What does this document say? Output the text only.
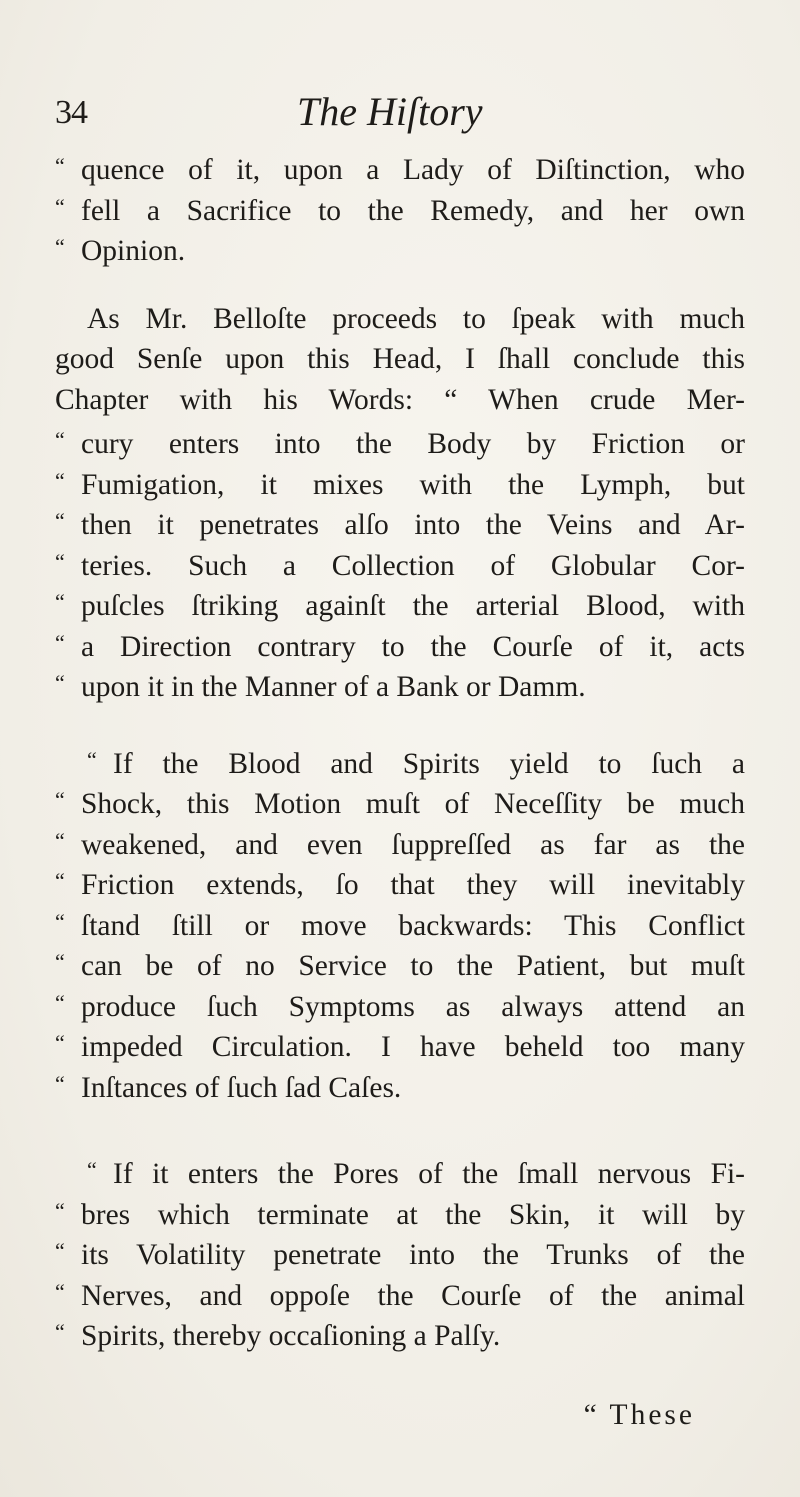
34	The Hiſtory
“ quence of it, upon a Lady of Diſtinction, who
“ fell a Sacrifice to the Remedy, and her own
“ Opinion.
As Mr. Belloſte proceeds to ſpeak with much
good Senſe upon this Head, I ſhall conclude this
Chapter with his Words: “ When crude Mer-
“ cury enters into the Body by Friction or
“ Fumigation, it mixes with the Lymph, but
“ then it penetrates alſo into the Veins and Ar-
“ teries. Such a Collection of Globular Cor-
“ puſcles ſtriking againſt the arterial Blood, with
“ a Direction contrary to the Courſe of it, acts
“ upon it in the Manner of a Bank or Damm.
“ If the Blood and Spirits yield to ſuch a
“ Shock, this Motion muſt of Neceſſity be much
“ weakened, and even ſuppreſſed as far as the
“ Friction extends, ſo that they will inevitably
“ ſtand ſtill or move backwards: This Conflict
“ can be of no Service to the Patient, but muſt
“ produce ſuch Symptoms as always attend an
“ impeded Circulation. I have beheld too many
“ Inſtances of ſuch ſad Caſes.
“ If it enters the Pores of the ſmall nervous Fi-
“ bres which terminate at the Skin, it will by
“ its Volatility penetrate into the Trunks of the
“ Nerves, and oppoſe the Courſe of the animal
“ Spirits, thereby occaſioning a Palſy.
“ These
